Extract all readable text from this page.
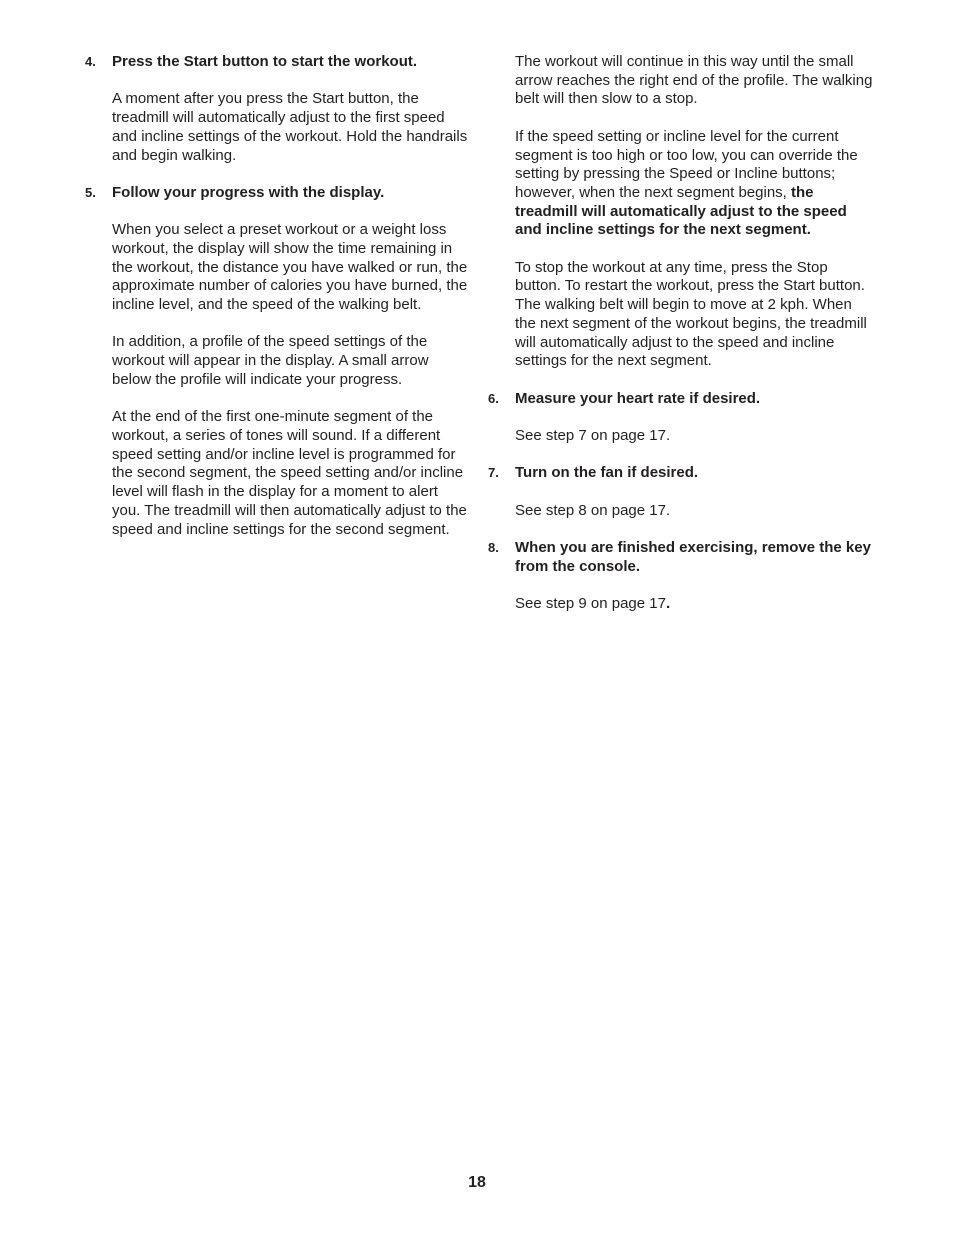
4. Press the Start button to start the workout.

A moment after you press the Start button, the treadmill will automatically adjust to the first speed and incline settings of the workout. Hold the handrails and begin walking.

5. Follow your progress with the display.

When you select a preset workout or a weight loss workout, the display will show the time remaining in the workout, the distance you have walked or run, the approximate number of calories you have burned, the incline level, and the speed of the walking belt.

In addition, a profile of the speed settings of the workout will appear in the display. A small arrow below the profile will indicate your progress.

At the end of the first one-minute segment of the workout, a series of tones will sound. If a different speed setting and/or incline level is programmed for the second segment, the speed setting and/or incline level will flash in the display for a moment to alert you. The treadmill will then automatically adjust to the speed and incline settings for the second segment.

The workout will continue in this way until the small arrow reaches the right end of the profile. The walking belt will then slow to a stop.

If the speed setting or incline level for the current segment is too high or too low, you can override the setting by pressing the Speed or Incline buttons; however, when the next segment begins, the treadmill will automatically adjust to the speed and incline settings for the next segment.

To stop the workout at any time, press the Stop button. To restart the workout, press the Start button. The walking belt will begin to move at 2 kph. When the next segment of the workout begins, the treadmill will automatically adjust to the speed and incline settings for the next segment.

6. Measure your heart rate if desired.

See step 7 on page 17.

7. Turn on the fan if desired.

See step 8 on page 17.

8. When you are finished exercising, remove the key from the console.

See step 9 on page 17.

18
